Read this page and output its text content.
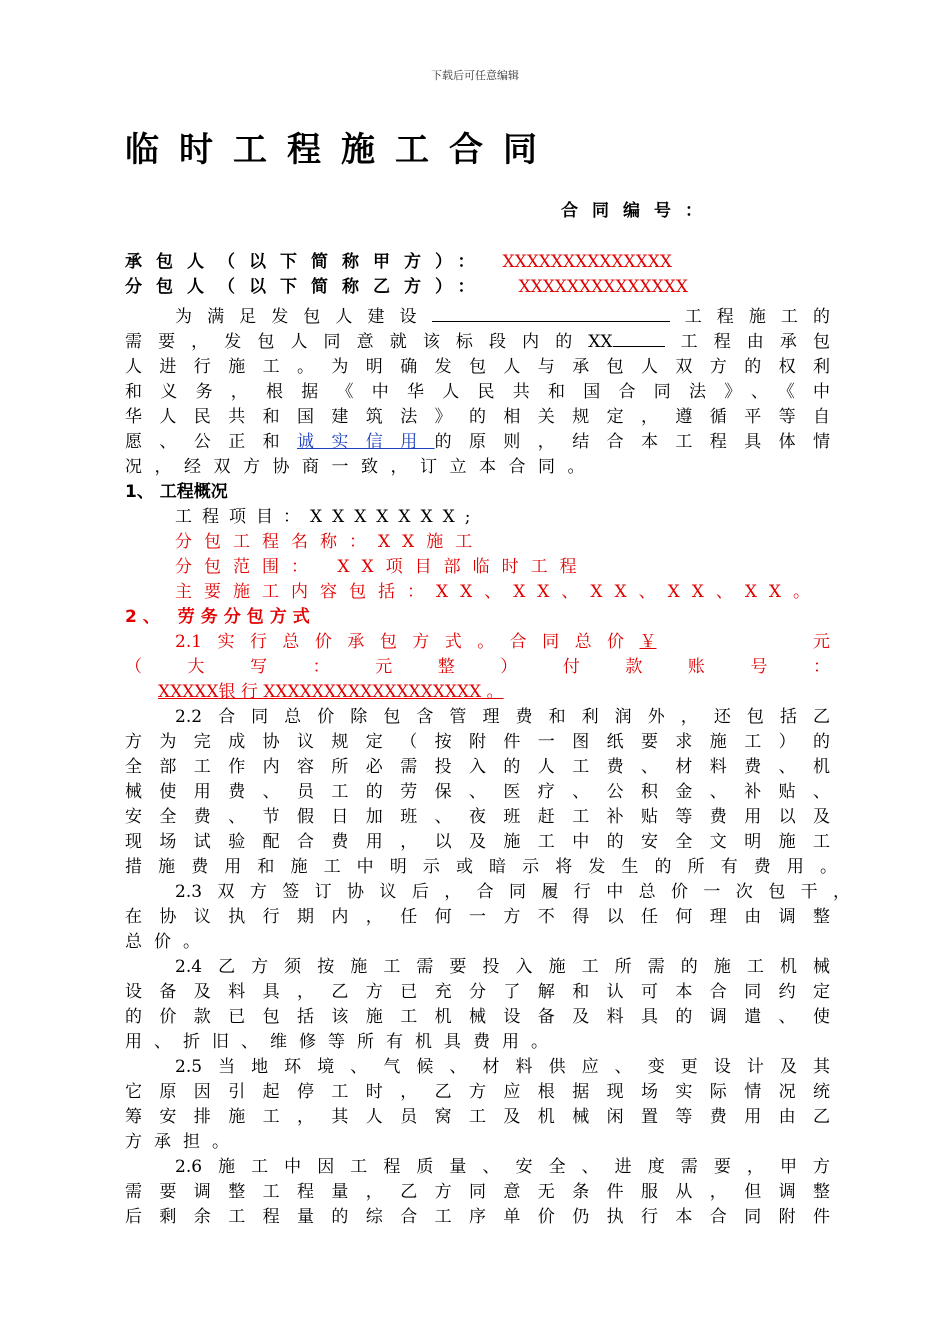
下载后可任意编辑
临时工程施工合同
合同编号：
承包人（以下简称甲方）： XXXXXXXXXXXXXX
分包人（以下简称乙方）： XXXXXXXXXXXXXX
为满足发包人建设	工程施工的
需要，发包人同意就该标段内的XX	工程由承包
人进行施工。为明确发包人与承包人双方的权利
和义务，根据《中华人民共和国合同法》、《中
华人民共和国建筑法》的相关规定，遵循平等自
愿、公正和诚实信用的原则，结合本工程具体情
况，经双方协商一致，订立本合同。
1、 工程概况
工程项目：XXXXXXX;
分包工程名称：XX施工
分包范围： XX项目部临时工程
主要施工内容包括：XX、XX、XX、XX、XX。
2、 劳务分包方式
2.1实行总价承包方式。合同总价￥	元
（大写：元整）付款账号：
XXXXX银 行 XXXXXXXXXXXXXXXXXX 。
2.2合同总价除包含管理费和利润外，还包括乙
方为完成协议规定（按附件一图纸要求施工）的
全部工作内容所必需投入的人工费、材料费、机
械使用费、员工的劳保、医疗、公积金、补贴、
安全费、节假日加班、夜班赶工补贴等费用以及
现场试验配合费用，以及施工中的安全文明施工
措施费用和施工中明示或暗示将发生的所有费用。
2.3双方签订协议后，合同履行中总价一次包干，
在协议执行期内，任何一方不得以任何理由调整
总价。
2.4乙方须按施工需要投入施工所需的施工机械
设备及料具，乙方已充分了解和认可本合同约定
的价款已包括该施工机械设备及料具的调遣、使
用、折旧、维修等所有机具费用。
2.5当地环境、气候、材料供应、变更设计及其
它原因引起停工时，乙方应根据现场实际情况统
筹安排施工，其人员窝工及机械闲置等费用由乙
方承担。
2.6施工中因工程质量、安全、进度需要，甲方
需要调整工程量，乙方同意无条件服从，但调整
后剩余工程量的综合工序单价仍执行本合同附件
